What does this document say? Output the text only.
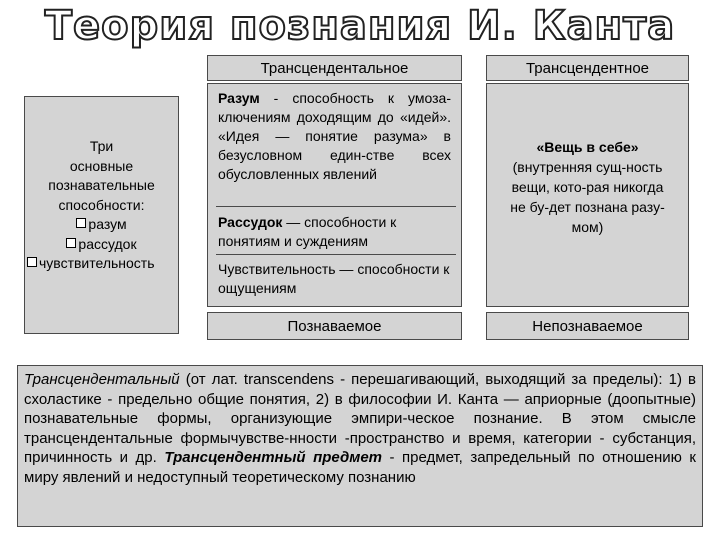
Теория познания И. Канта
Трансцендентальное	Трансцендентное
Три
основные
познавательные
способности:
разум
рассудок
чувствительность
Разум - способность к умоза-ключениям доходящим до «идей». «Идея — понятие разума» в безусловном един-стве всех обусловленных явлений
Рассудок — способности к понятиям и суждениям
Чувствительность — способности к ощущениям
«Вещь в себе»
(внутренняя сущ-ность вещи, кото-рая никогда не бу-дет познана разу-мом)
Познаваемое	Непознаваемое
Трансцендентальный (от лат. transcendens - перешагивающий, выходящий за пределы): 1) в схоластике - предельно общие понятия, 2) в философии И. Канта — априорные (доопытные) познавательные формы, организующие эмпири-ческое познание. В этом смысле трансцендентальные формычувстве-нности -пространство и время, категории - субстанция, причинность и др. Трансцендентный предмет - предмет, запредельный по отношению к миру явлений и недоступный теоретическому познанию
